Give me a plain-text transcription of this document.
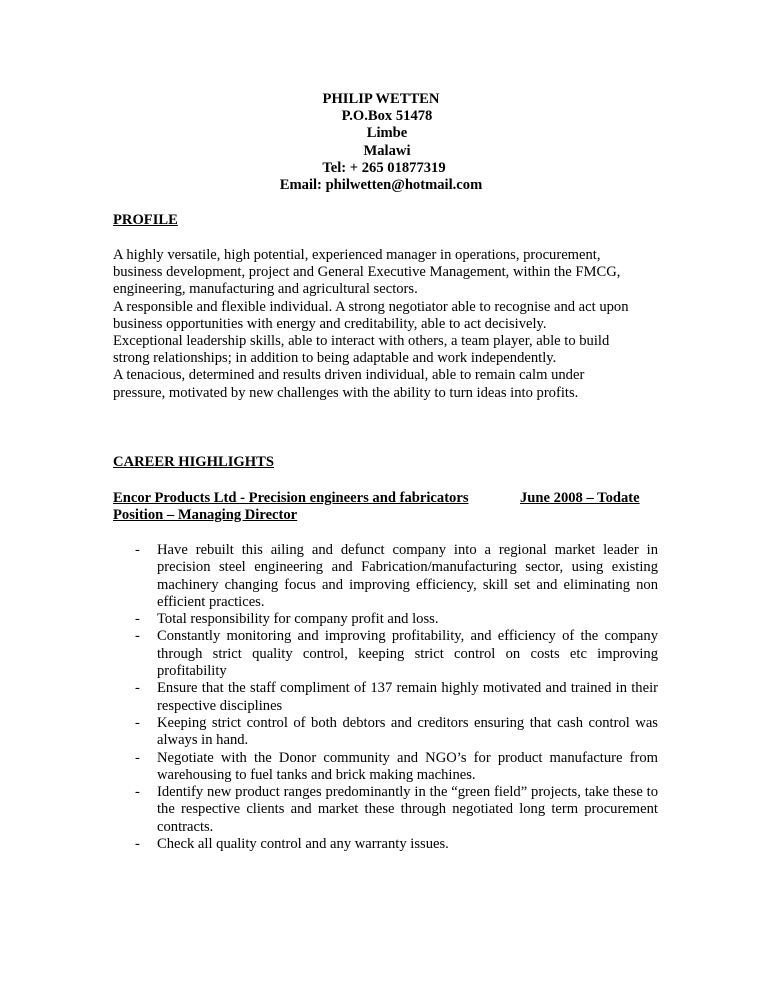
PHILIP WETTEN
P.O.Box 51478
Limbe
Malawi
Tel: + 265 01877319
Email: philwetten@hotmail.com
PROFILE
A highly versatile, high potential, experienced manager in operations, procurement,
business development, project and General Executive Management, within the FMCG,
engineering, manufacturing and agricultural sectors.
A responsible and flexible individual. A strong negotiator able to recognise and act upon
business opportunities with energy and creditability, able to act decisively.
Exceptional leadership skills, able to interact with others, a team player, able to build
strong relationships; in addition to being adaptable and work independently.
A tenacious, determined and results driven individual, able to remain calm under
pressure, motivated by new challenges with the ability to turn ideas into profits.
CAREER HIGHLIGHTS
Encor Products Ltd - Precision engineers and fabricators	June 2008 – Todate
Position – Managing Director
- Have rebuilt this ailing and defunct company into a regional market leader in precision steel engineering and Fabrication/manufacturing sector, using existing machinery changing focus and improving efficiency, skill set and eliminating non efficient practices.
- Total responsibility for company profit and loss.
- Constantly monitoring and improving profitability, and efficiency of the company through strict quality control, keeping strict control on costs etc improving profitability
- Ensure that the staff compliment of 137 remain highly motivated and trained in their respective disciplines
- Keeping strict control of both debtors and creditors ensuring that cash control was always in hand.
- Negotiate with the Donor community and NGO’s for product manufacture from warehousing to fuel tanks and brick making machines.
- Identify new product ranges predominantly in the “green field” projects, take these to the respective clients and market these through negotiated long term procurement contracts.
- Check all quality control and any warranty issues.
